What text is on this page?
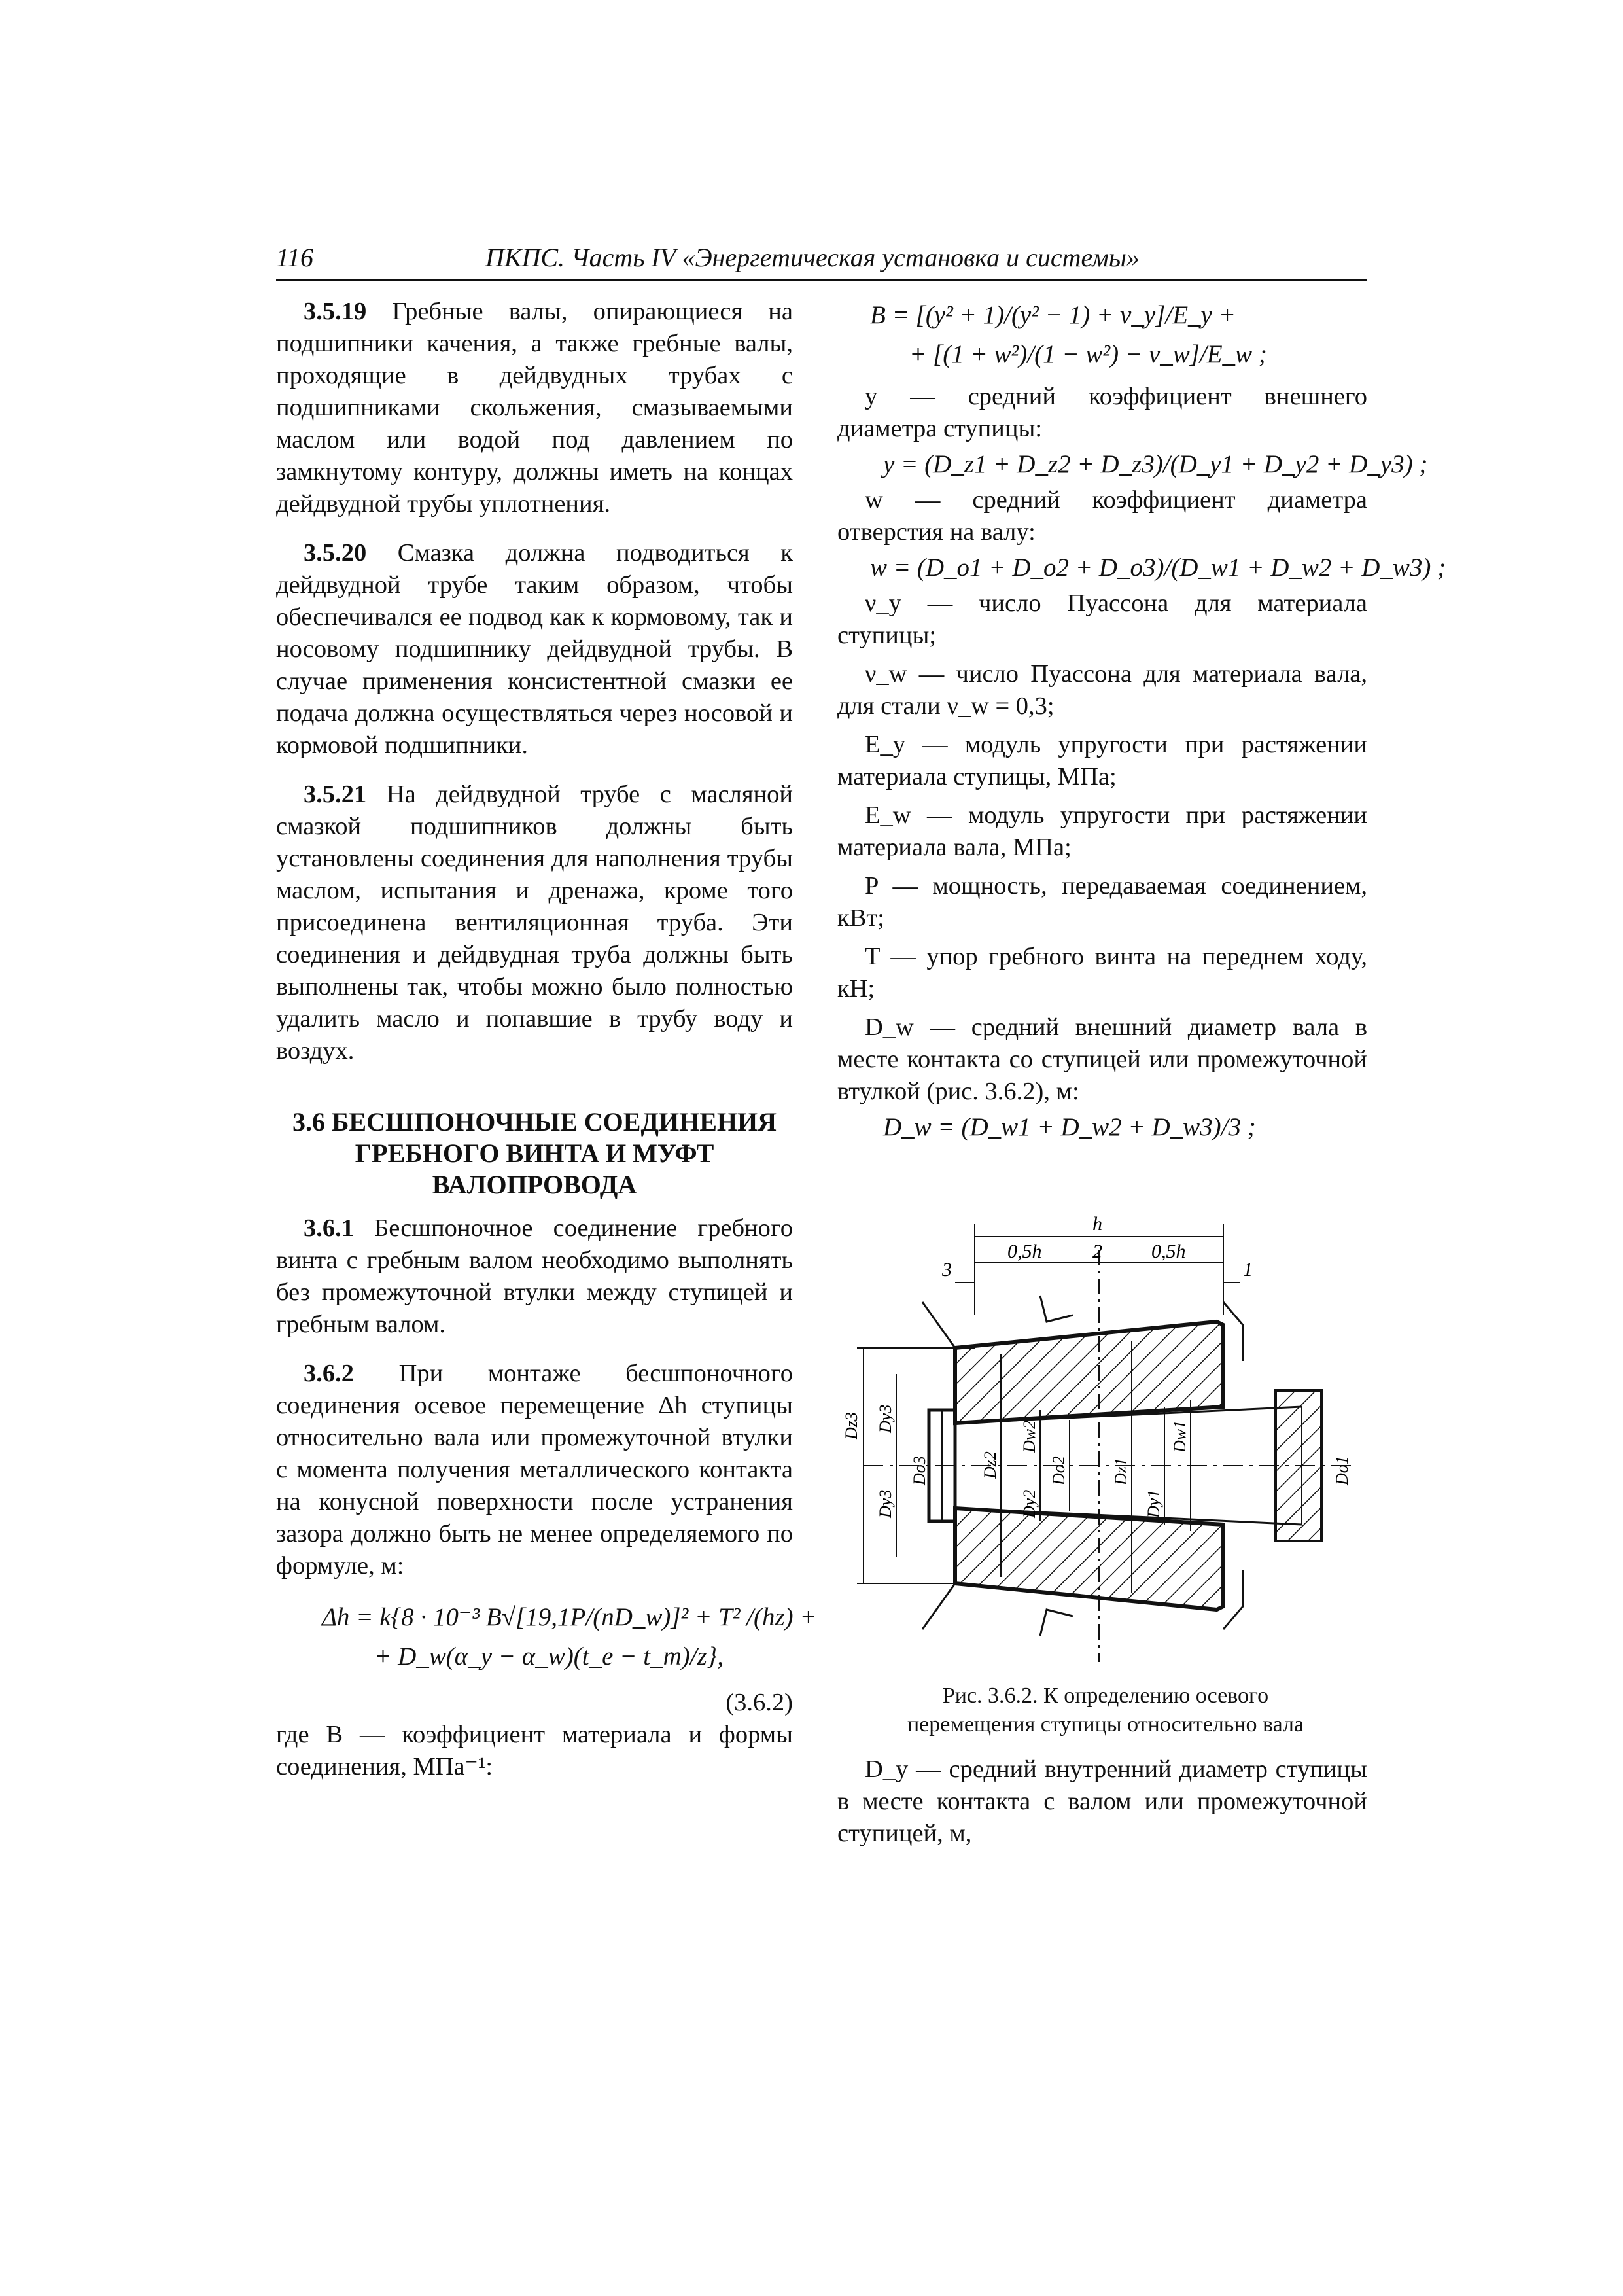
116	ПКПС. Часть IV «Энергетическая установка и системы»

3.5.19 Гребные валы, опирающиеся на подшипники качения, а также гребные валы, проходящие в дейдвудных трубах с подшипниками скольжения, смазываемыми маслом или водой под давлением по замкнутому контуру, должны иметь на концах дейдвудной трубы уплотнения.

3.5.20 Смазка должна подводиться к дейдвудной трубе таким образом, чтобы обеспечивался ее подвод как к кормовому, так и носовому подшипнику дейдвудной трубы. В случае применения консистентной смазки ее подача должна осуществляться через носовой и кормовой подшипники.

3.5.21 На дейдвудной трубе с масляной смазкой подшипников должны быть установлены соединения для наполнения трубы маслом, испытания и дренажа, кроме того присоединена вентиляционная труба. Эти соединения и дейдвудная труба должны быть выполнены так, чтобы можно было полностью удалить масло и попавшие в трубу воду и воздух.

3.6 БЕСШПОНОЧНЫЕ СОЕДИНЕНИЯ
ГРЕБНОГО ВИНТА И МУФТ
ВАЛОПРОВОДА

3.6.1 Бесшпоночное соединение гребного винта с гребным валом необходимо выполнять без промежуточной втулки между ступицей и гребным валом.

3.6.2 При монтаже бесшпоночного соединения осевое перемещение Δh ступицы относительно вала или промежуточной втулки с момента получения металлического контакта на конусной поверхности после устранения зазора должно быть не менее определяемого по формуле, м:

Δh = k{8 · 10⁻³ B√[19,1P/(nD_w)]² + T² /(hz) +
+ D_w(α_y − α_w)(t_e − t_m)/z},
(3.6.2)

где B — коэффициент материала и формы соединения, МПа⁻¹:

B = [(y² + 1)/(y² − 1) + ν_y]/E_y +
+ [(1 + w²)/(1 − w²) − ν_w]/E_w ;

y — средний коэффициент внешнего диаметра ступицы:

y = (D_z1 + D_z2 + D_z3)/(D_y1 + D_y2 + D_y3) ;

w — средний коэффициент диаметра отверстия на валу:

w = (D_o1 + D_o2 + D_o3)/(D_w1 + D_w2 + D_w3) ;

ν_y — число Пуассона для материала ступицы;

ν_w — число Пуассона для материала вала, для стали ν_w = 0,3;

E_y — модуль упругости при растяжении материала ступицы, МПа;

E_w — модуль упругости при растяжении материала вала, МПа;

P — мощность, передаваемая соединением, кВт;

T — упор гребного винта на переднем ходу, кН;

D_w — средний внешний диаметр вала в месте контакта со ступицей или промежуточной втулкой (рис. 3.6.2), м:

D_w = (D_w1 + D_w2 + D_w3)/3 ;
h
0,5h	0,5h
2
3	1
Dz3 Dy3
Dy3
Do3	Dz2
Dw2
Dy2
Do2	Dz1
Dw1
Dy1
Do1
Рис. 3.6.2. К определению осевого
перемещения ступицы относительно вала

D_y — средний внутренний диаметр ступицы в месте контакта с валом или промежуточной ступицей, м,
